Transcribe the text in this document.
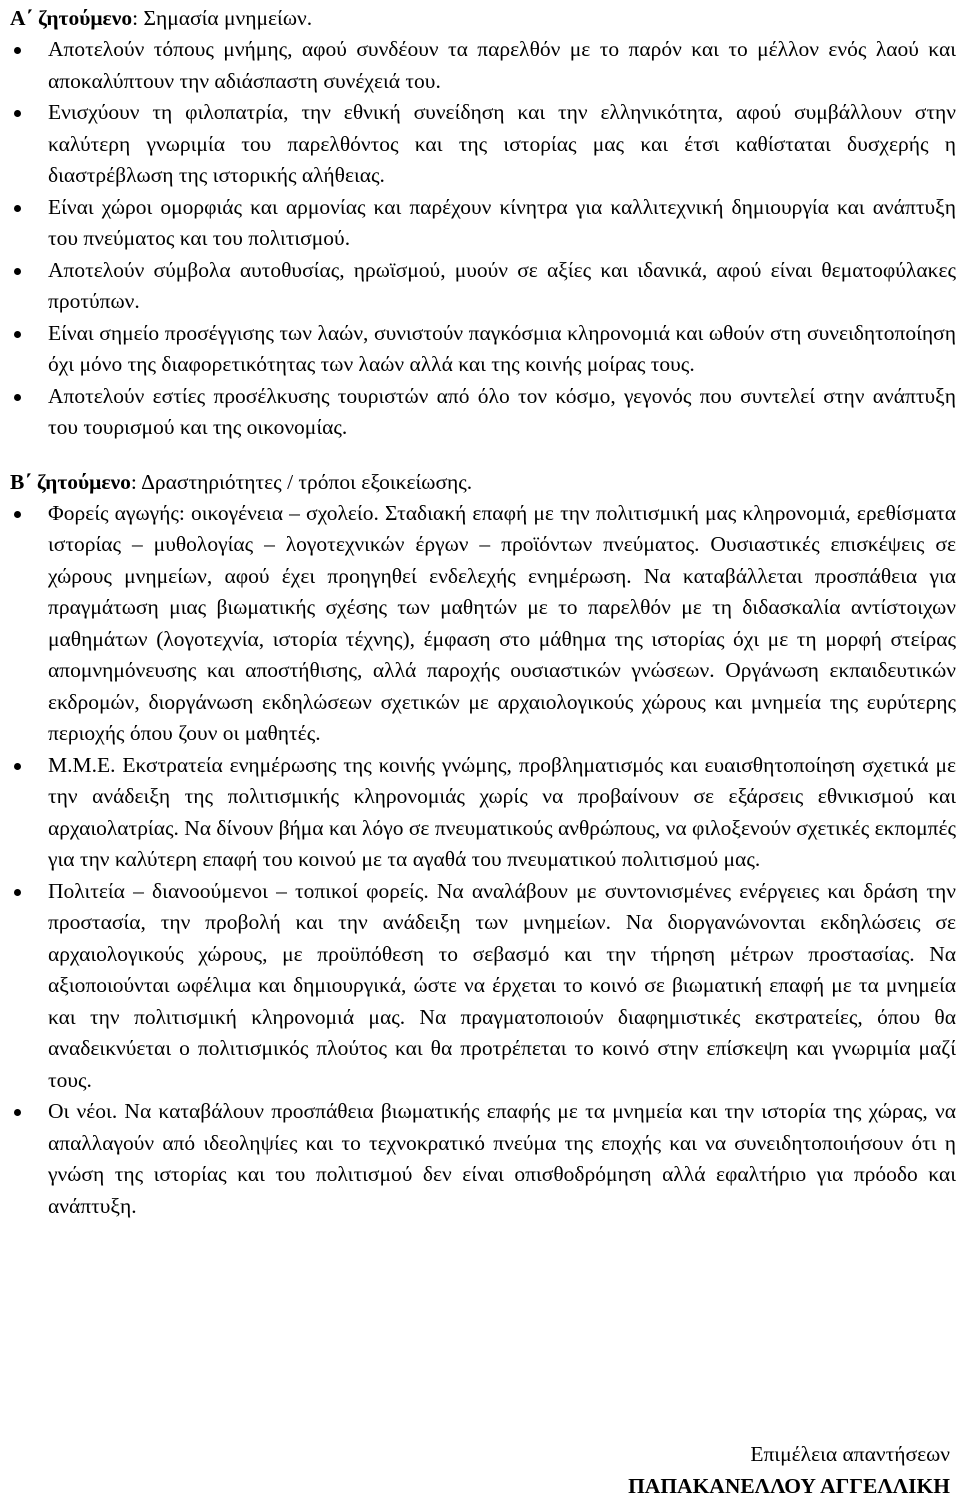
Α΄ ζητούμενο: Σημασία μνημείων.

Αποτελούν τόπους μνήμης, αφού συνδέουν τα παρελθόν με το παρόν και το μέλλον ενός λαού και αποκαλύπτουν την αδιάσπαστη συνέχειά του.
Ενισχύουν τη φιλοπατρία, την εθνική συνείδηση και την ελληνικότητα, αφού συμβάλλουν στην καλύτερη γνωριμία του παρελθόντος και της ιστορίας μας και έτσι καθίσταται δυσχερής η διαστρέβλωση της ιστορικής αλήθειας.
Είναι χώροι ομορφιάς και αρμονίας και παρέχουν κίνητρα για καλλιτεχνική δημιουργία και ανάπτυξη του πνεύματος και του πολιτισμού.
Αποτελούν σύμβολα αυτοθυσίας, ηρωϊσμού, μυούν σε αξίες και ιδανικά, αφού είναι θεματοφύλακες προτύπων.
Είναι σημείο προσέγγισης των λαών, συνιστούν παγκόσμια κληρονομιά και ωθούν στη συνειδητοποίηση όχι μόνο της διαφορετικότητας των λαών αλλά και της κοινής μοίρας τους.
Αποτελούν εστίες προσέλκυσης τουριστών από όλο τον κόσμο, γεγονός που συντελεί στην ανάπτυξη του τουρισμού και της οικονομίας.

Β΄ ζητούμενο: Δραστηριότητες / τρόποι εξοικείωσης.

Φορείς αγωγής: οικογένεια – σχολείο. Σταδιακή επαφή με την πολιτισμική μας κληρονομιά, ερεθίσματα ιστορίας – μυθολογίας – λογοτεχνικών έργων – προϊόντων πνεύματος. Ουσιαστικές επισκέψεις σε χώρους μνημείων, αφού έχει προηγηθεί ενδελεχής ενημέρωση. Να καταβάλλεται προσπάθεια για πραγμάτωση μιας βιωματικής σχέσης των μαθητών με το παρελθόν με τη διδασκαλία αντίστοιχων μαθημάτων (λογοτεχνία, ιστορία τέχνης), έμφαση στο μάθημα της ιστορίας όχι με τη μορφή στείρας απομνημόνευσης και αποστήθισης, αλλά παροχής ουσιαστικών γνώσεων. Οργάνωση εκπαιδευτικών εκδρομών, διοργάνωση εκδηλώσεων σχετικών με αρχαιολογικούς χώρους και μνημεία της ευρύτερης περιοχής όπου ζουν οι μαθητές.
Μ.Μ.Ε. Εκστρατεία ενημέρωσης της κοινής γνώμης, προβληματισμός και ευαισθητοποίηση σχετικά με την ανάδειξη της πολιτισμικής κληρονομιάς χωρίς να προβαίνουν σε εξάρσεις εθνικισμού και αρχαιολατρίας. Να δίνουν βήμα και λόγο σε πνευματικούς ανθρώπους, να φιλοξενούν σχετικές εκπομπές για την καλύτερη επαφή του κοινού με τα αγαθά του πνευματικού πολιτισμού μας.
Πολιτεία – διανοούμενοι – τοπικοί φορείς. Να αναλάβουν με συντονισμένες ενέργειες και δράση την προστασία, την προβολή και την ανάδειξη των μνημείων. Να διοργανώνονται εκδηλώσεις σε αρχαιολογικούς χώρους, με προϋπόθεση το σεβασμό και την τήρηση μέτρων προστασίας. Να αξιοποιούνται ωφέλιμα και δημιουργικά, ώστε να έρχεται το κοινό σε βιωματική επαφή με τα μνημεία και την πολιτισμική κληρονομιά μας. Να πραγματοποιούν διαφημιστικές εκστρατείες, όπου θα αναδεικνύεται ο πολιτισμικός πλούτος και θα προτρέπεται το κοινό στην επίσκεψη και γνωριμία μαζί τους.
Οι νέοι. Να καταβάλουν προσπάθεια βιωματικής επαφής με τα μνημεία και την ιστορία της χώρας, να απαλλαγούν από ιδεοληψίες και το τεχνοκρατικό πνεύμα της εποχής και να συνειδητοποιήσουν ότι η γνώση της ιστορίας και του πολιτισμού δεν είναι οπισθοδρόμηση αλλά εφαλτήριο για πρόοδο και ανάπτυξη.
Επιμέλεια απαντήσεων
ΠΑΠΑΚΑΝΕΛΛΟΥ ΑΓΓΕΛΛΙΚΗ
